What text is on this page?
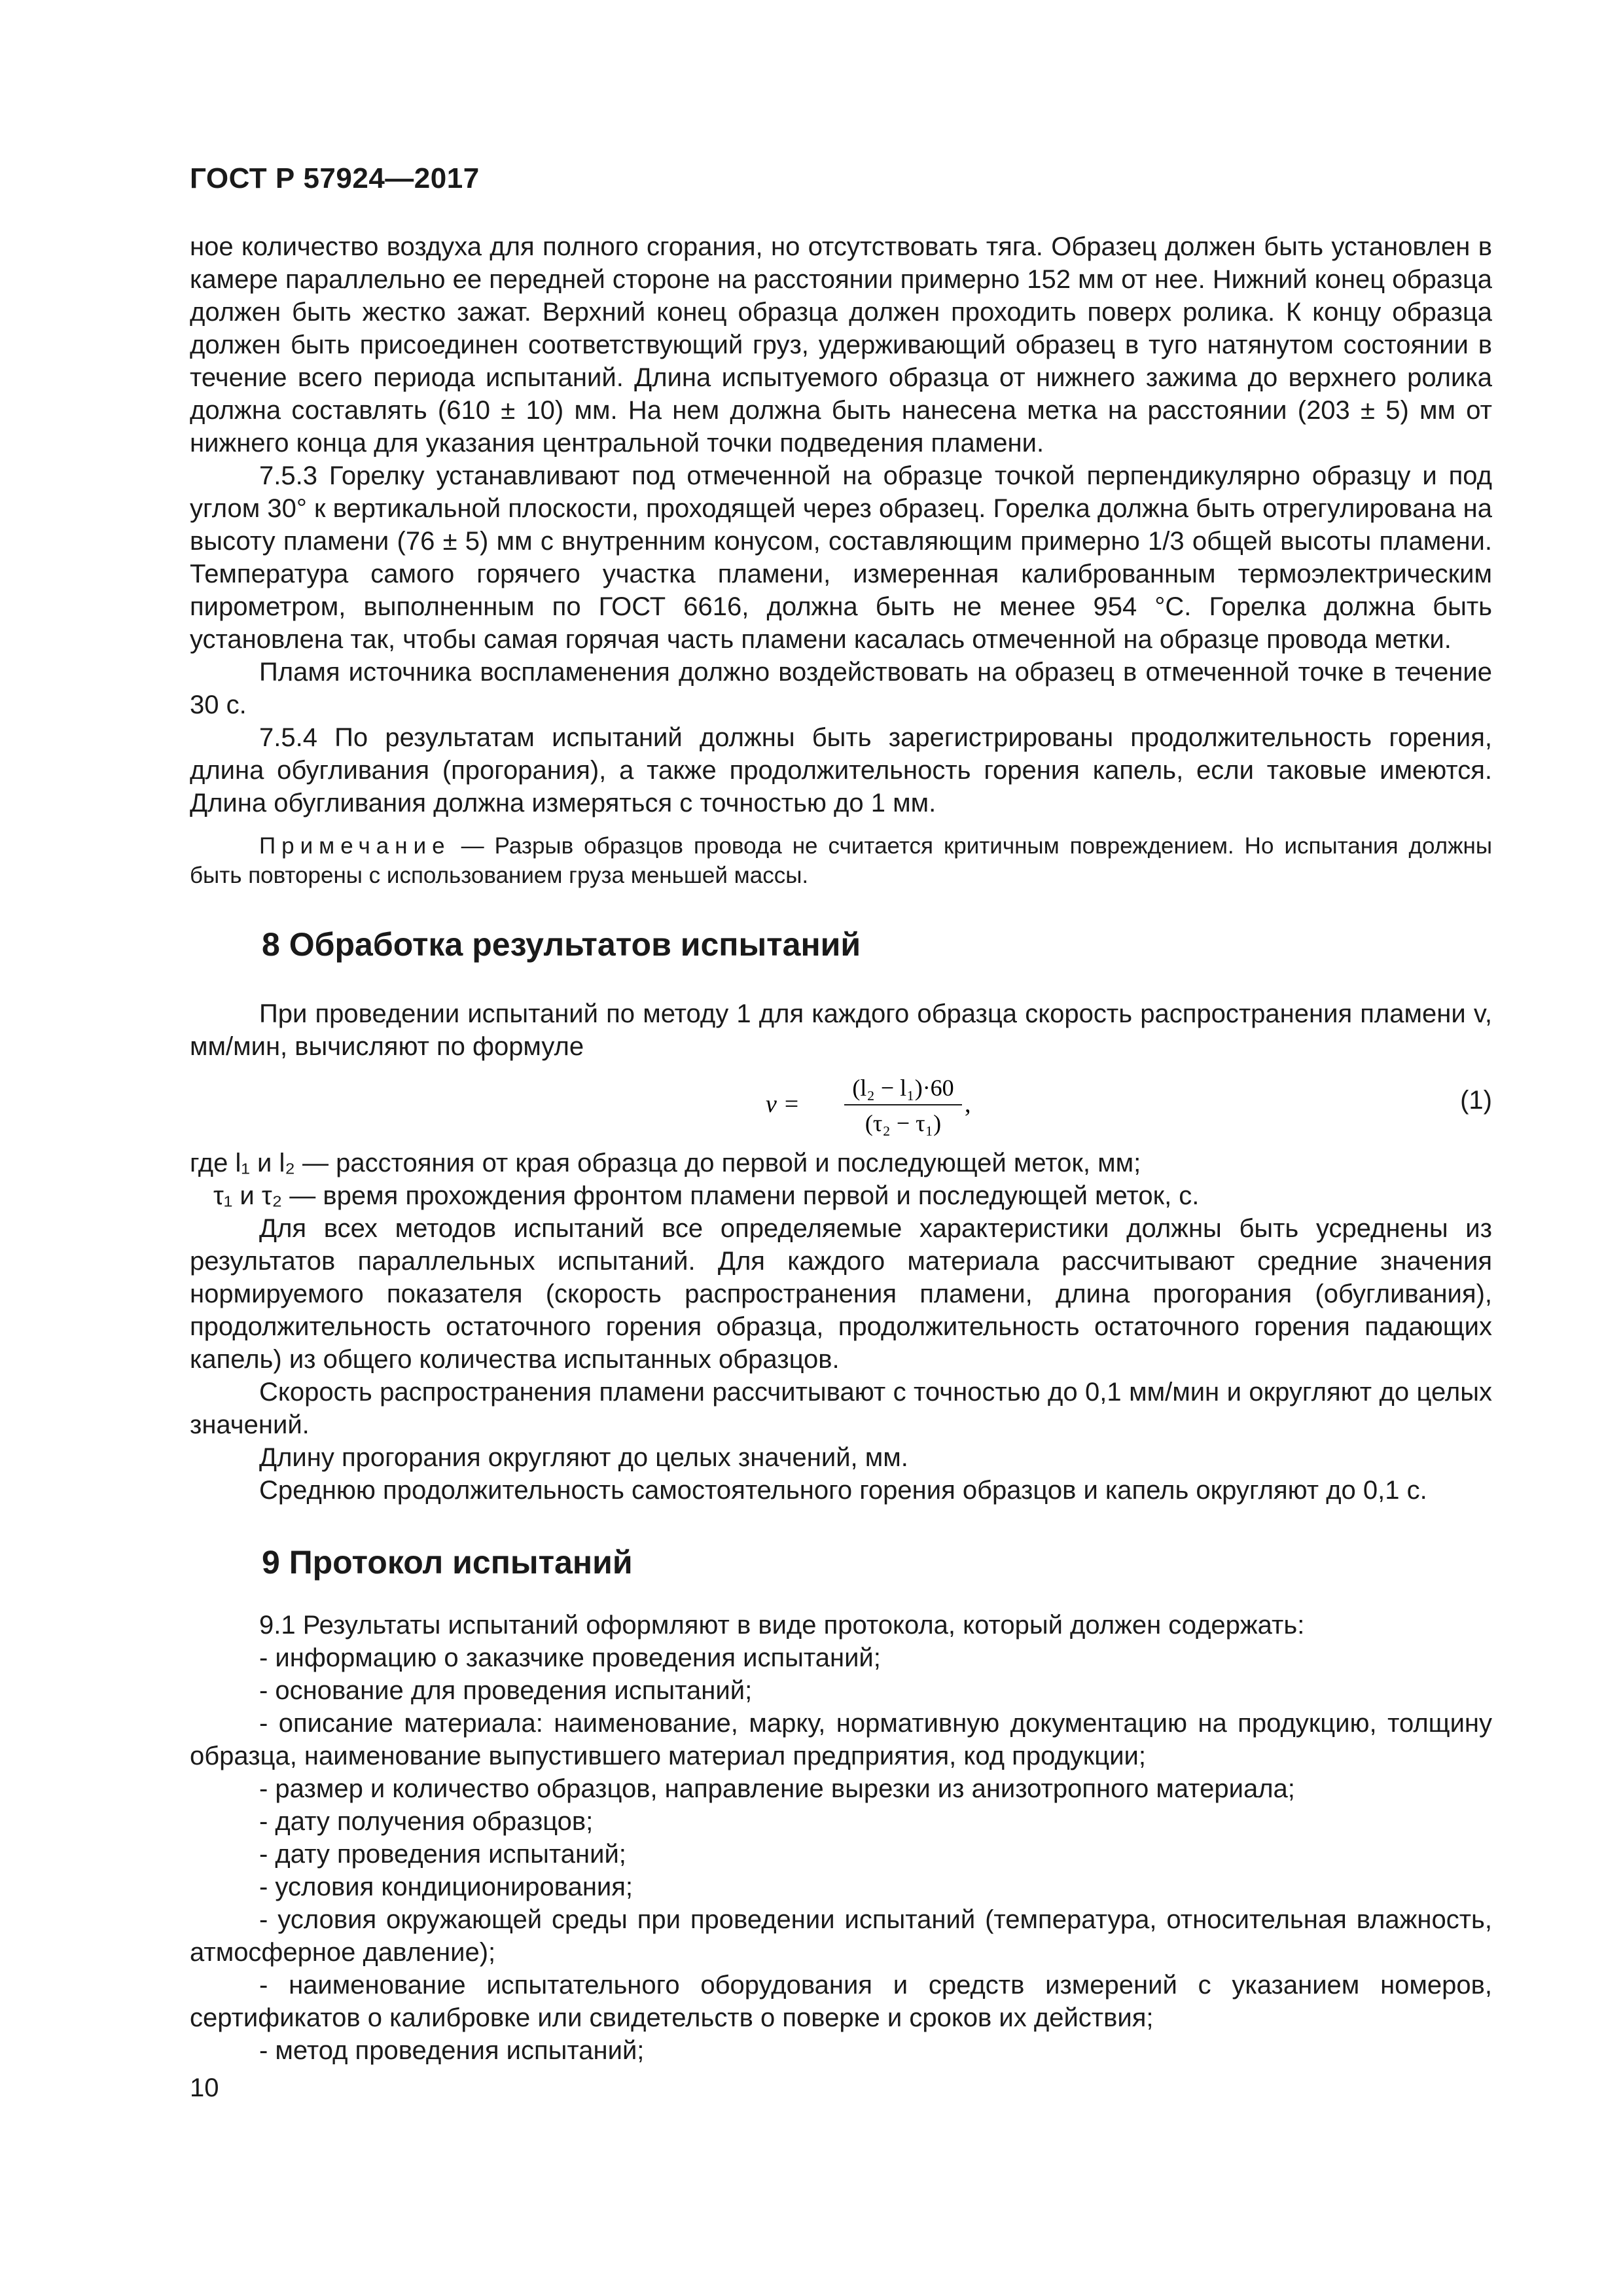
ГОСТ Р 57924—2017

ное количество воздуха для полного сгорания, но отсутствовать тяга. Образец должен быть установлен в камере параллельно ее передней стороне на расстоянии примерно 152 мм от нее. Нижний конец образца должен быть жестко зажат. Верхний конец образца должен проходить поверх ролика. К концу образца должен быть присоединен соответствующий груз, удерживающий образец в туго натянутом состоянии в течение всего периода испытаний. Длина испытуемого образца от нижнего зажима до верхнего ролика должна составлять (610 ± 10) мм. На нем должна быть нанесена метка на расстоянии (203 ± 5) мм от нижнего конца для указания центральной точки подведения пламени.

7.5.3 Горелку устанавливают под отмеченной на образце точкой перпендикулярно образцу и под углом 30° к вертикальной плоскости, проходящей через образец. Горелка должна быть отрегулирована на высоту пламени (76 ± 5) мм с внутренним конусом, составляющим примерно 1/3 общей высоты пламени. Температура самого горячего участка пламени, измеренная калиброванным термоэлектрическим пирометром, выполненным по ГОСТ 6616, должна быть не менее 954 °С. Горелка должна быть установлена так, чтобы самая горячая часть пламени касалась отмеченной на образце провода метки.

Пламя источника воспламенения должно воздействовать на образец в отмеченной точке в течение 30 с.

7.5.4 По результатам испытаний должны быть зарегистрированы продолжительность горения, длина обугливания (прогорания), а также продолжительность горения капель, если таковые имеются. Длина обугливания должна измеряться с точностью до 1 мм.

Примечание — Разрыв образцов провода не считается критичным повреждением. Но испытания должны быть повторены с использованием груза меньшей массы.

8 Обработка результатов испытаний

При проведении испытаний по методу 1 для каждого образца скорость распространения пламени v, мм/мин, вычисляют по формуле

v =
(l₂ − l₁)·60
(τ₂ − τ₁)
,	(1)

где l₁ и l₂ — расстояния от края образца до первой и последующей меток, мм;

τ₁ и τ₂ — время прохождения фронтом пламени первой и последующей меток, с.

Для всех методов испытаний все определяемые характеристики должны быть усреднены из результатов параллельных испытаний. Для каждого материала рассчитывают средние значения нормируемого показателя (скорость распространения пламени, длина прогорания (обугливания), продолжительность остаточного горения образца, продолжительность остаточного горения падающих капель) из общего количества испытанных образцов.

Скорость распространения пламени рассчитывают с точностью до 0,1 мм/мин и округляют до целых значений.

Длину прогорания округляют до целых значений, мм.

Среднюю продолжительность самостоятельного горения образцов и капель округляют до 0,1 с.

9 Протокол испытаний

9.1 Результаты испытаний оформляют в виде протокола, который должен содержать:

- информацию о заказчике проведения испытаний;

- основание для проведения испытаний;

- описание материала: наименование, марку, нормативную документацию на продукцию, толщину образца, наименование выпустившего материал предприятия, код продукции;

- размер и количество образцов, направление вырезки из анизотропного материала;

- дату получения образцов;

- дату проведения испытаний;

- условия кондиционирования;

- условия окружающей среды при проведении испытаний (температура, относительная влажность, атмосферное давление);

- наименование испытательного оборудования и средств измерений с указанием номеров, сертификатов о калибровке или свидетельств о поверке и сроков их действия;

- метод проведения испытаний;

10
